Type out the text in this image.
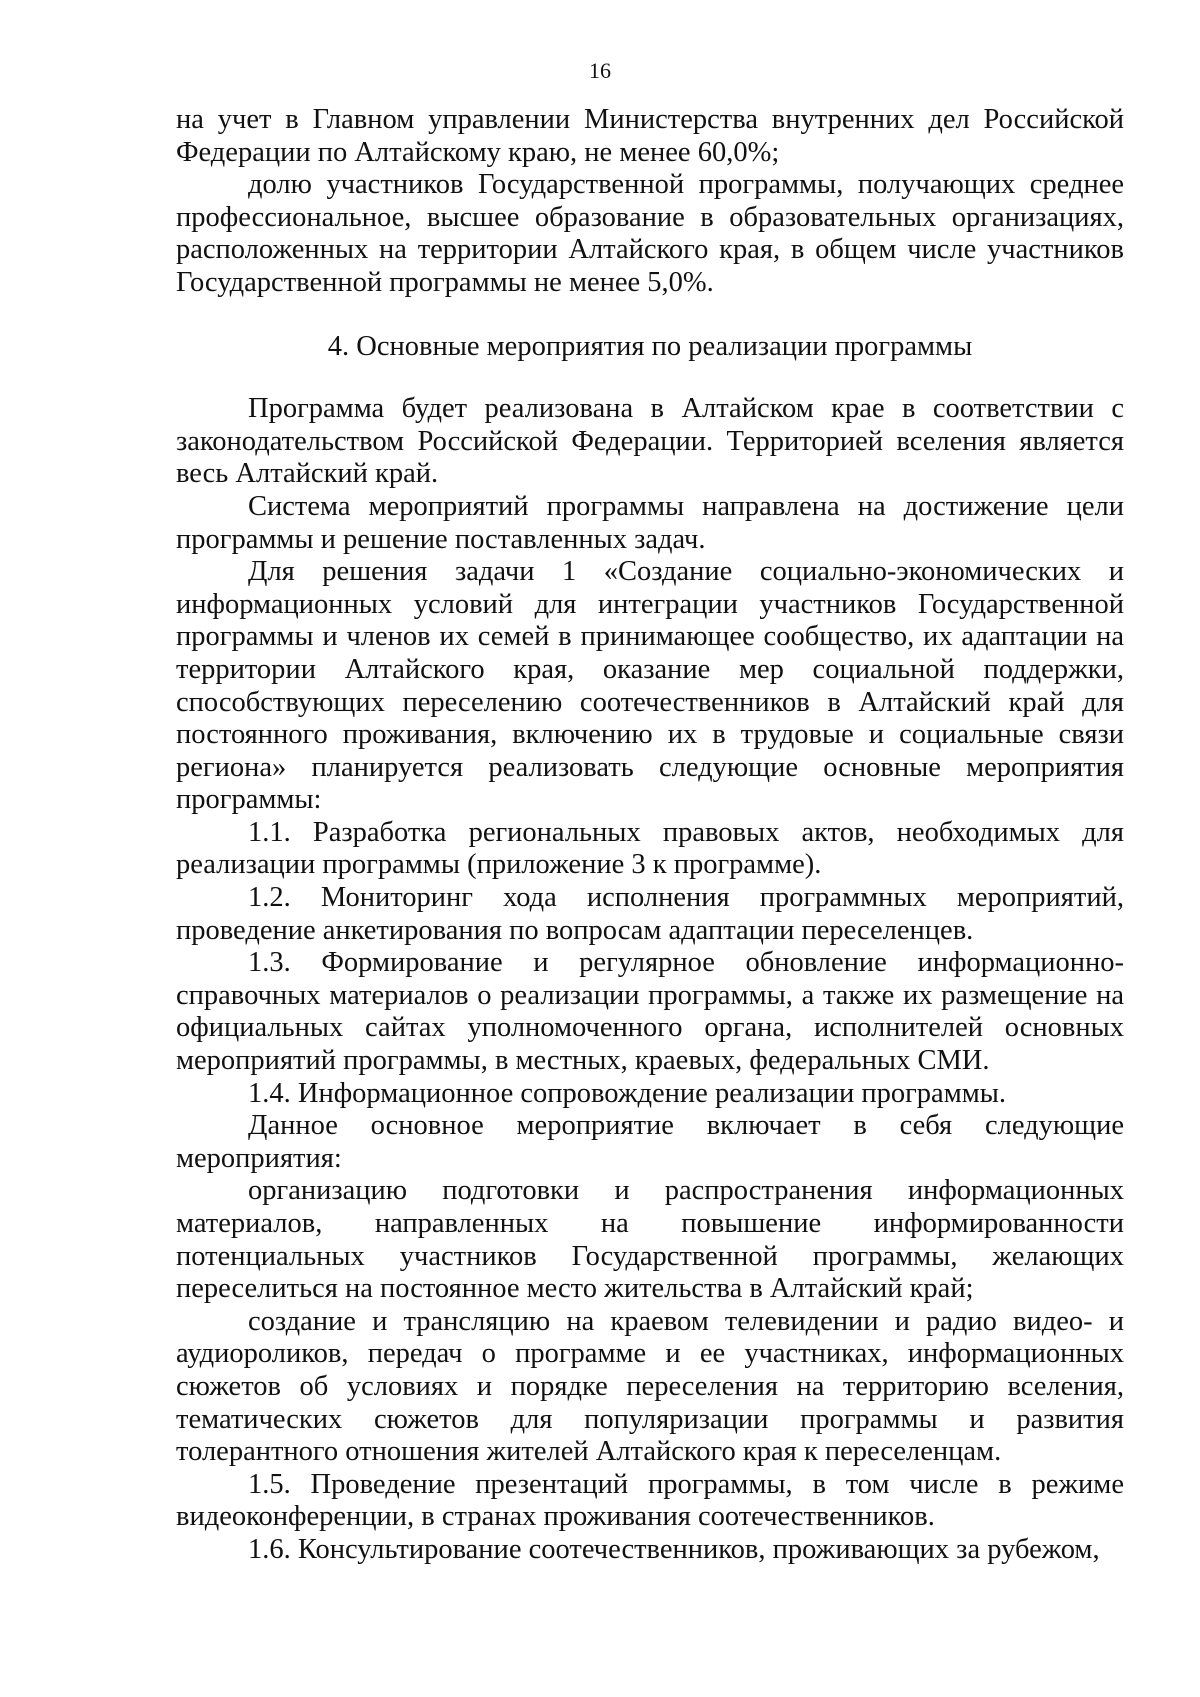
16

на учет в Главном управлении Министерства внутренних дел Российской Федерации по Алтайскому краю, не менее 60,0%;

долю участников Государственной программы, получающих среднее профессиональное, высшее образование в образовательных организациях, расположенных на территории Алтайского края, в общем числе участников Государственной программы не менее 5,0%.

4. Основные мероприятия по реализации программы

Программа будет реализована в Алтайском крае в соответствии с законодательством Российской Федерации. Территорией вселения является весь Алтайский край.

Система мероприятий программы направлена на достижение цели программы и решение поставленных задач.

Для решения задачи 1 «Создание социально-экономических и информационных условий для интеграции участников Государственной программы и членов их семей в принимающее сообщество, их адаптации на территории Алтайского края, оказание мер социальной поддержки, способствующих переселению соотечественников в Алтайский край для постоянного проживания, включению их в трудовые и социальные связи региона» планируется реализовать следующие основные мероприятия программы:

1.1. Разработка региональных правовых актов, необходимых для реализации программы (приложение 3 к программе).

1.2. Мониторинг хода исполнения программных мероприятий, проведение анкетирования по вопросам адаптации переселенцев.

1.3. Формирование и регулярное обновление информационно-справочных материалов о реализации программы, а также их размещение на официальных сайтах уполномоченного органа, исполнителей основных мероприятий программы, в местных, краевых, федеральных СМИ.

1.4. Информационное сопровождение реализации программы.

Данное основное мероприятие включает в себя следующие мероприятия:

организацию подготовки и распространения информационных материалов, направленных на повышение информированности потенциальных участников Государственной программы, желающих переселиться на постоянное место жительства в Алтайский край;

создание и трансляцию на краевом телевидении и радио видео- и аудиороликов, передач о программе и ее участниках, информационных сюжетов об условиях и порядке переселения на территорию вселения, тематических сюжетов для популяризации программы и развития толерантного отношения жителей Алтайского края к переселенцам.

1.5. Проведение презентаций программы, в том числе в режиме видеоконференции, в странах проживания соотечественников.

1.6. Консультирование соотечественников, проживающих за рубежом,
